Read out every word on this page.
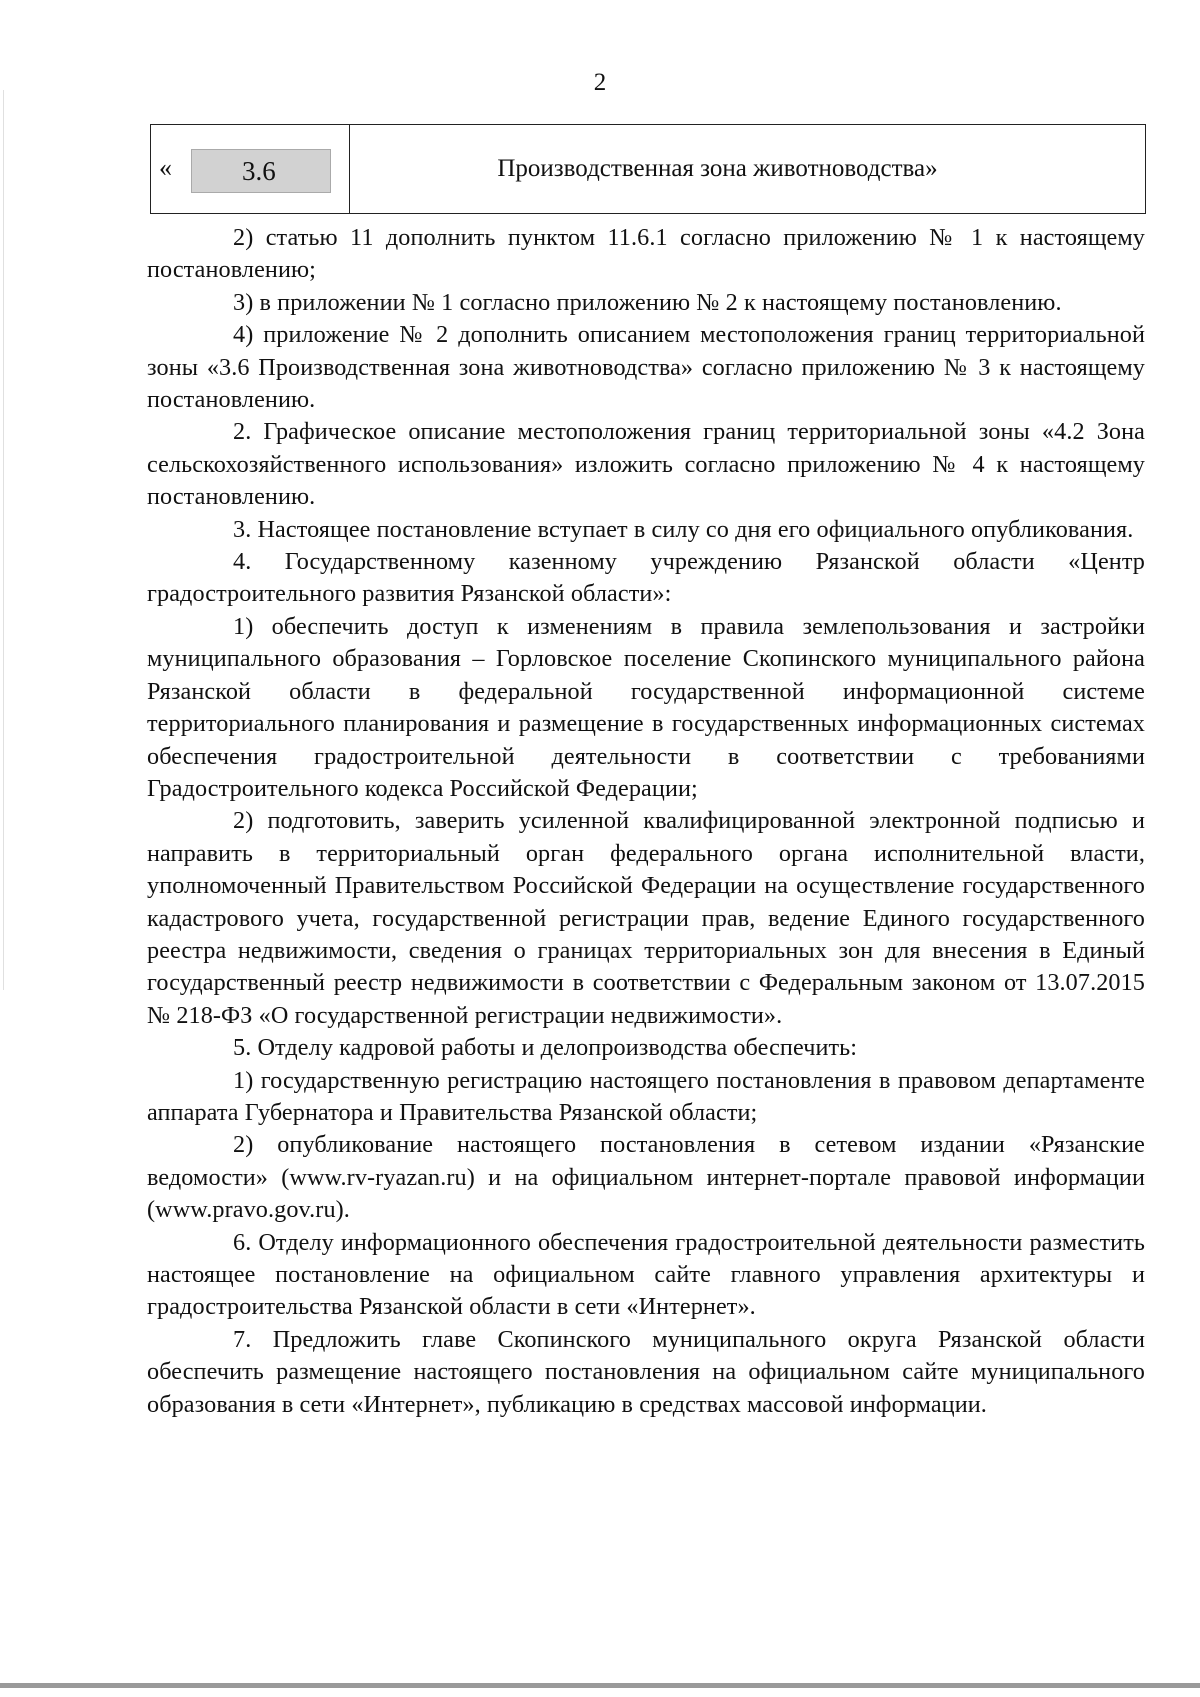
2
«	3.6	Производственная зона животноводства»

2) статью 11 дополнить пунктом 11.6.1 согласно приложению № 1 к настоящему постановлению;

3) в приложении № 1 согласно приложению № 2 к настоящему постановлению.

4) приложение № 2 дополнить описанием местоположения границ территориальной зоны «3.6 Производственная зона животноводства» согласно приложению № 3 к настоящему постановлению.

2. Графическое описание местоположения границ территориальной зоны «4.2 Зона сельскохозяйственного использования» изложить согласно приложению № 4 к настоящему постановлению.

3. Настоящее постановление вступает в силу со дня его официального опубликования.

4. Государственному казенному учреждению Рязанской области «Центр градостроительного развития Рязанской области»:

1) обеспечить доступ к изменениям в правила землепользования и застройки муниципального образования – Горловское поселение Скопинского муниципального района Рязанской области в федеральной государственной информационной системе территориального планирования и размещение в государственных информационных системах обеспечения градостроительной деятельности в соответствии с требованиями Градостроительного кодекса Российской Федерации;

2) подготовить, заверить усиленной квалифицированной электронной подписью и направить в территориальный орган федерального органа исполнительной власти, уполномоченный Правительством Российской Федерации на осуществление государственного кадастрового учета, государственной регистрации прав, ведение Единого государственного реестра недвижимости, сведения о границах территориальных зон для внесения в Единый государственный реестр недвижимости в соответствии с Федеральным законом от 13.07.2015 № 218-ФЗ «О государственной регистрации недвижимости».

5. Отделу кадровой работы и делопроизводства обеспечить:

1) государственную регистрацию настоящего постановления в правовом департаменте аппарата Губернатора и Правительства Рязанской области;

2) опубликование настоящего постановления в сетевом издании «Рязанские ведомости» (www.rv-ryazan.ru) и на официальном интернет-портале правовой информации (www.pravo.gov.ru).

6. Отделу информационного обеспечения градостроительной деятельности разместить настоящее постановление на официальном сайте главного управления архитектуры и градостроительства Рязанской области в сети «Интернет».

7. Предложить главе Скопинского муниципального округа Рязанской области обеспечить размещение настоящего постановления на официальном сайте муниципального образования в сети «Интернет», публикацию в средствах массовой информации.
